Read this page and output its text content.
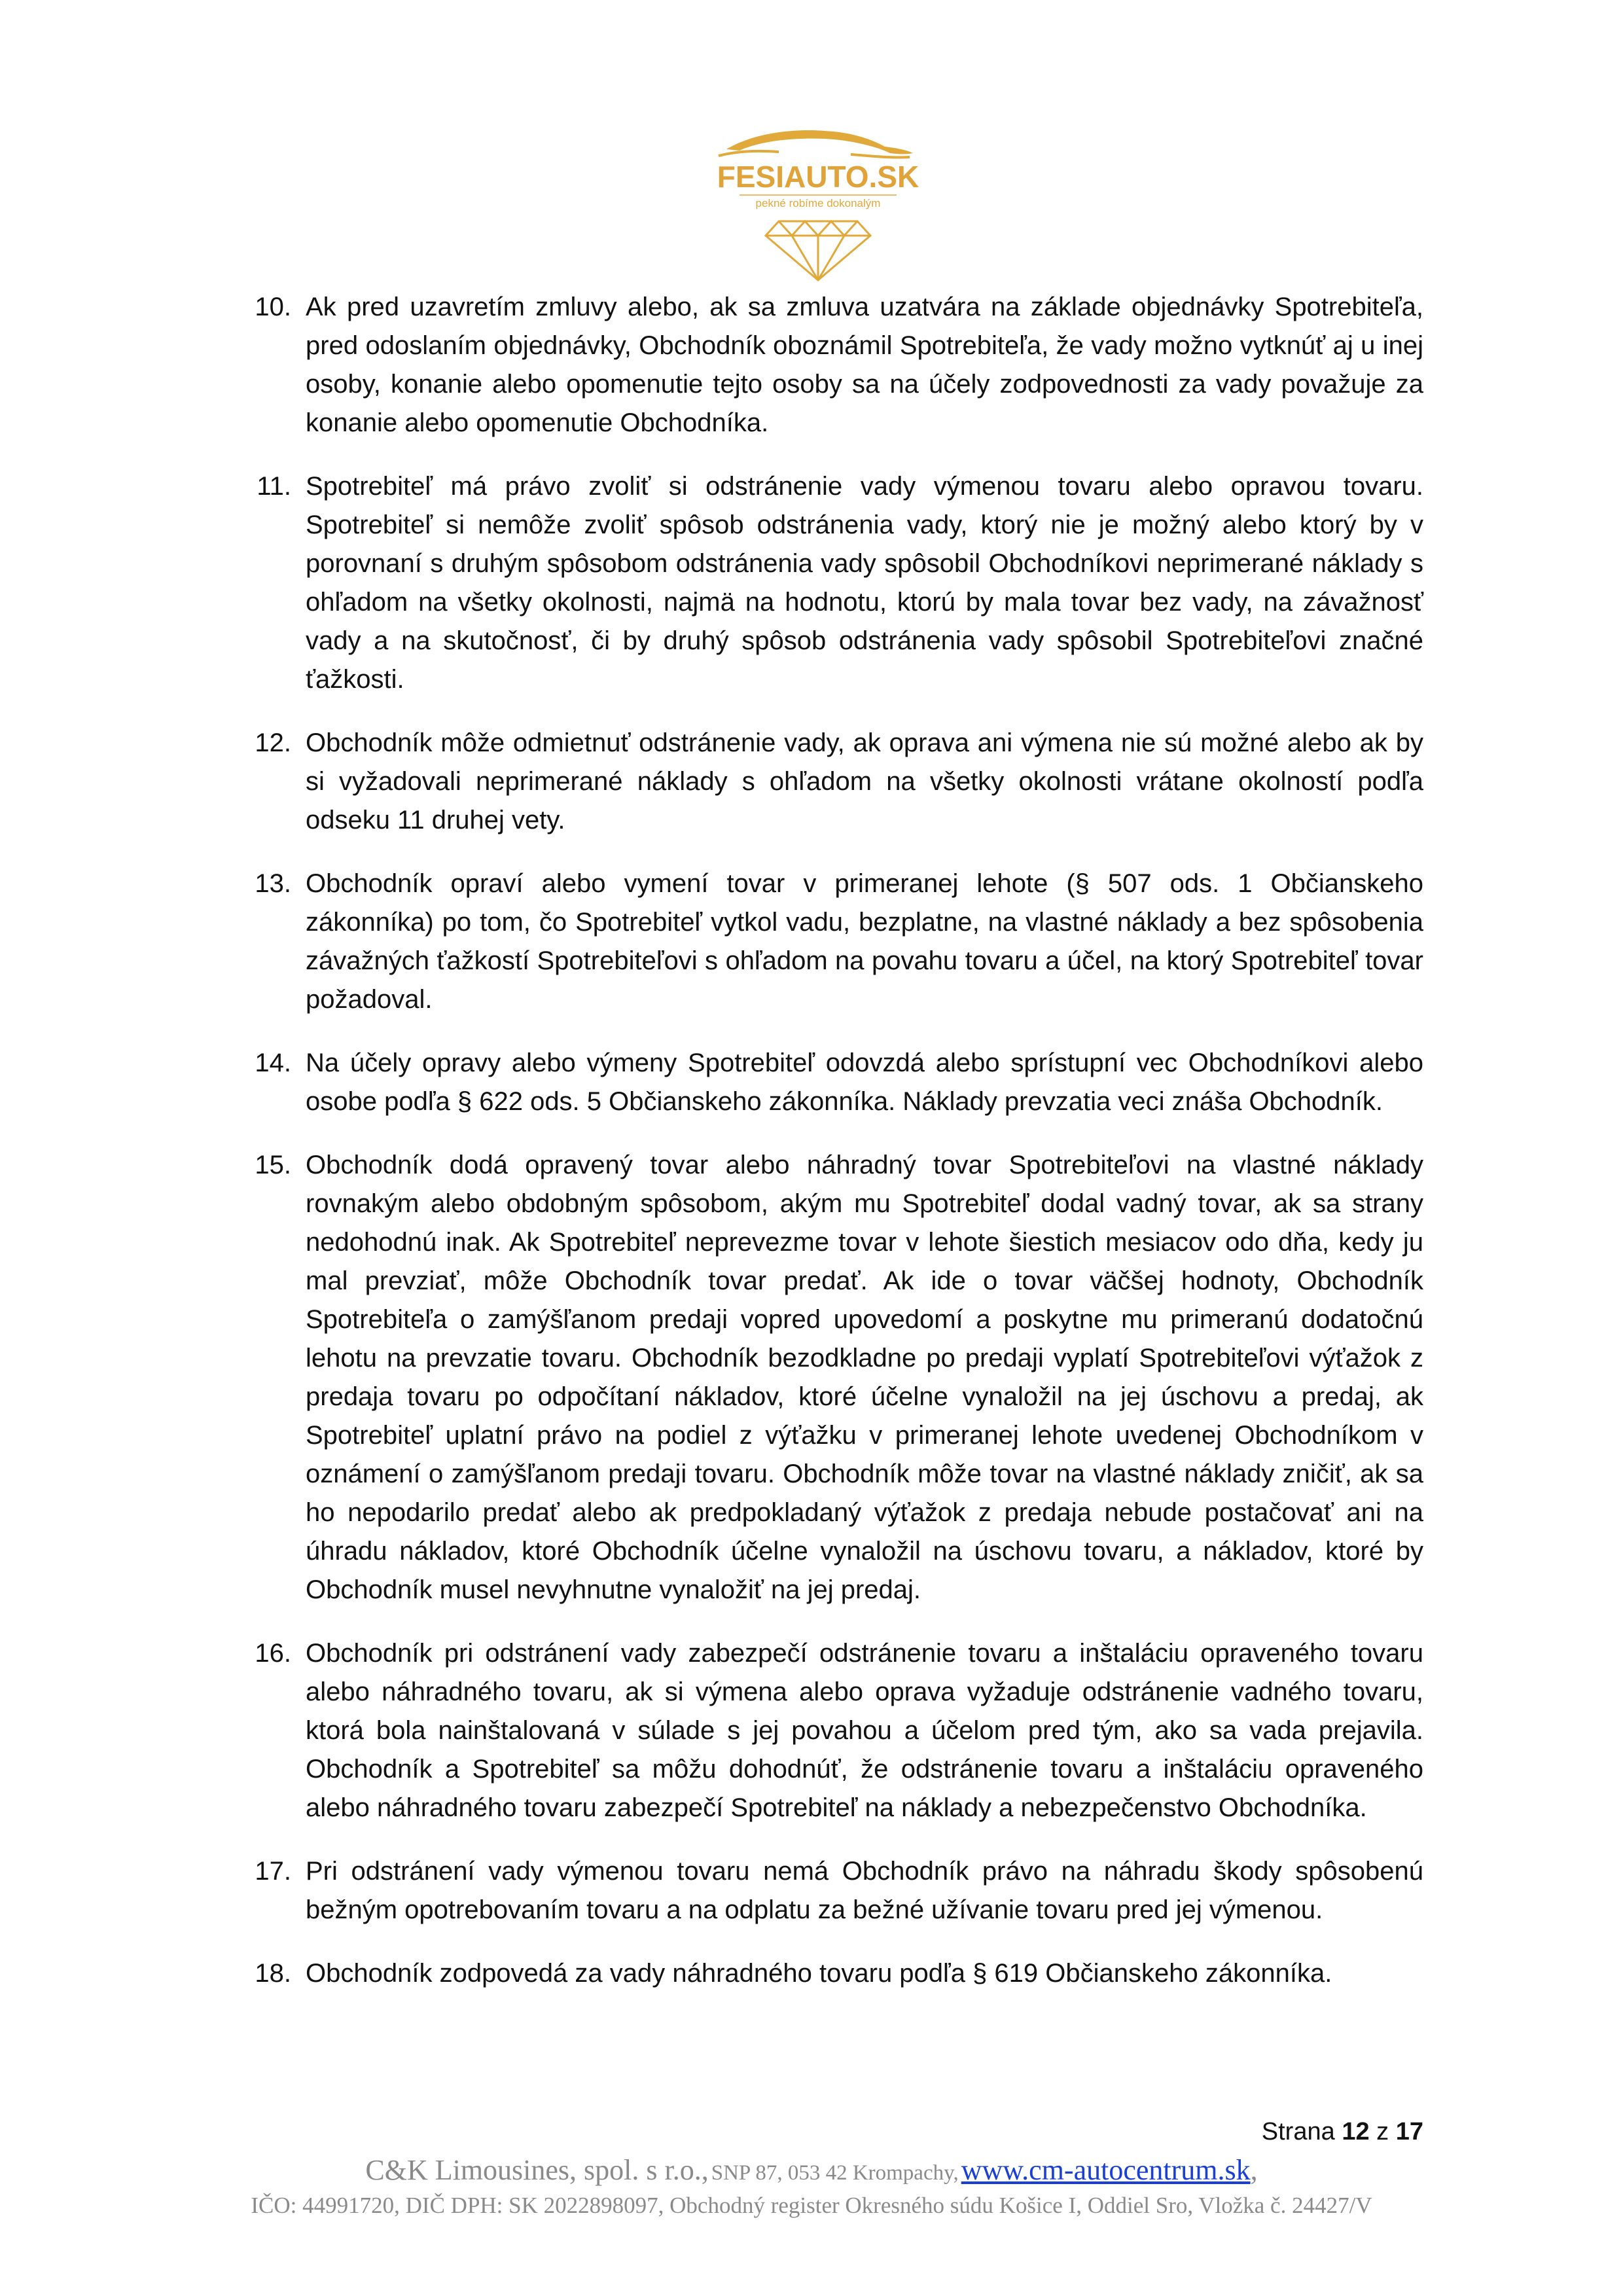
FESIAUTO.SK
pekné robíme dokonalým
10. Ak pred uzavretím zmluvy alebo, ak sa zmluva uzatvára na základe objednávky Spotrebiteľa, pred odoslaním objednávky, Obchodník oboznámil Spotrebiteľa, že vady možno vytknúť aj u inej osoby, konanie alebo opomenutie tejto osoby sa na účely zodpovednosti za vady považuje za konanie alebo opomenutie Obchodníka.
11. Spotrebiteľ má právo zvoliť si odstránenie vady výmenou tovaru alebo opravou tovaru. Spotrebiteľ si nemôže zvoliť spôsob odstránenia vady, ktorý nie je možný alebo ktorý by v porovnaní s druhým spôsobom odstránenia vady spôsobil Obchodníkovi neprimerané náklady s ohľadom na všetky okolnosti, najmä na hodnotu, ktorú by mala tovar bez vady, na závažnosť vady a na skutočnosť, či by druhý spôsob odstránenia vady spôsobil Spotrebiteľovi značné ťažkosti.
12. Obchodník môže odmietnuť odstránenie vady, ak oprava ani výmena nie sú možné alebo ak by si vyžadovali neprimerané náklady s ohľadom na všetky okolnosti vrátane okolností podľa odseku 11 druhej vety.
13. Obchodník opraví alebo vymení tovar v primeranej lehote (§ 507 ods. 1 Občianskeho zákonníka) po tom, čo Spotrebiteľ vytkol vadu, bezplatne, na vlastné náklady a bez spôsobenia závažných ťažkostí Spotrebiteľovi s ohľadom na povahu tovaru a účel, na ktorý Spotrebiteľ tovar požadoval.
14. Na účely opravy alebo výmeny Spotrebiteľ odovzdá alebo sprístupní vec Obchodníkovi alebo osobe podľa § 622 ods. 5 Občianskeho zákonníka. Náklady prevzatia veci znáša Obchodník.
15. Obchodník dodá opravený tovar alebo náhradný tovar Spotrebiteľovi na vlastné náklady rovnakým alebo obdobným spôsobom, akým mu Spotrebiteľ dodal vadný tovar, ak sa strany nedohodnú inak. Ak Spotrebiteľ neprevezme tovar v lehote šiestich mesiacov odo dňa, kedy ju mal prevziať, môže Obchodník tovar predať. Ak ide o tovar väčšej hodnoty, Obchodník Spotrebiteľa o zamýšľanom predaji vopred upovedomí a poskytne mu primeranú dodatočnú lehotu na prevzatie tovaru. Obchodník bezodkladne po predaji vyplatí Spotrebiteľovi výťažok z predaja tovaru po odpočítaní nákladov, ktoré účelne vynaložil na jej úschovu a predaj, ak Spotrebiteľ uplatní právo na podiel z výťažku v primeranej lehote uvedenej Obchodníkom v oznámení o zamýšľanom predaji tovaru. Obchodník môže tovar na vlastné náklady zničiť, ak sa ho nepodarilo predať alebo ak predpokladaný výťažok z predaja nebude postačovať ani na úhradu nákladov, ktoré Obchodník účelne vynaložil na úschovu tovaru, a nákladov, ktoré by Obchodník musel nevyhnutne vynaložiť na jej predaj.
16. Obchodník pri odstránení vady zabezpečí odstránenie tovaru a inštaláciu opraveného tovaru alebo náhradného tovaru, ak si výmena alebo oprava vyžaduje odstránenie vadného tovaru, ktorá bola nainštalovaná v súlade s jej povahou a účelom pred tým, ako sa vada prejavila. Obchodník a Spotrebiteľ sa môžu dohodnúť, že odstránenie tovaru a inštaláciu opraveného alebo náhradného tovaru zabezpečí Spotrebiteľ na náklady a nebezpečenstvo Obchodníka.
17. Pri odstránení vady výmenou tovaru nemá Obchodník právo na náhradu škody spôsobenú bežným opotrebovaním tovaru a na odplatu za bežné užívanie tovaru pred jej výmenou.
18. Obchodník zodpovedá za vady náhradného tovaru podľa § 619 Občianskeho zákonníka.
Strana 12 z 17
C&K Limousines, spol. s r.o., SNP 87, 053 42 Krompachy, www.cm-autocentrum.sk,
IČO: 44991720, DIČ DPH: SK 2022898097, Obchodný register Okresného súdu Košice I, Oddiel Sro, Vložka č. 24427/V
